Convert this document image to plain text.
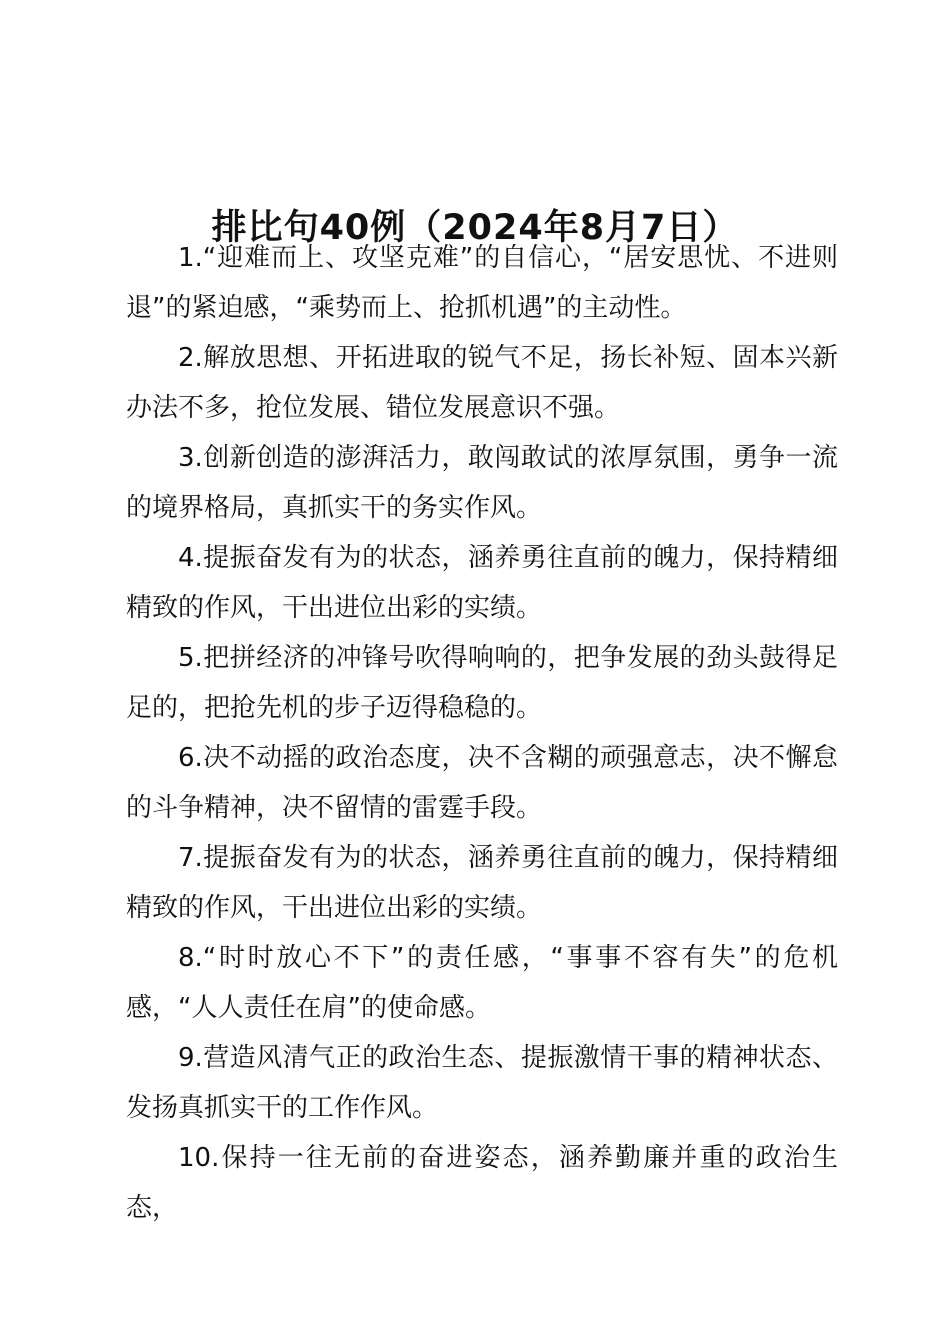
排比句40例（2024年8月7日）

1.“迎难而上、攻坚克难”的自信心，“居安思忧、不进则退”的紧迫感，“乘势而上、抢抓机遇”的主动性。

2.解放思想、开拓进取的锐气不足，扬长补短、固本兴新办法不多，抢位发展、错位发展意识不强。

3.创新创造的澎湃活力，敢闯敢试的浓厚氛围，勇争一流的境界格局，真抓实干的务实作风。

4.提振奋发有为的状态，涵养勇往直前的魄力，保持精细精致的作风，干出进位出彩的实绩。

5.把拼经济的冲锋号吹得响响的，把争发展的劲头鼓得足足的，把抢先机的步子迈得稳稳的。

6.决不动摇的政治态度，决不含糊的顽强意志，决不懈怠的斗争精神，决不留情的雷霆手段。

7.提振奋发有为的状态，涵养勇往直前的魄力，保持精细精致的作风，干出进位出彩的实绩。

8.“时时放心不下”的责任感，“事事不容有失”的危机感，“人人责任在肩”的使命感。

9.营造风清气正的政治生态、提振激情干事的精神状态、发扬真抓实干的工作作风。

10.保持一往无前的奋进姿态，涵养勤廉并重的政治生态，
